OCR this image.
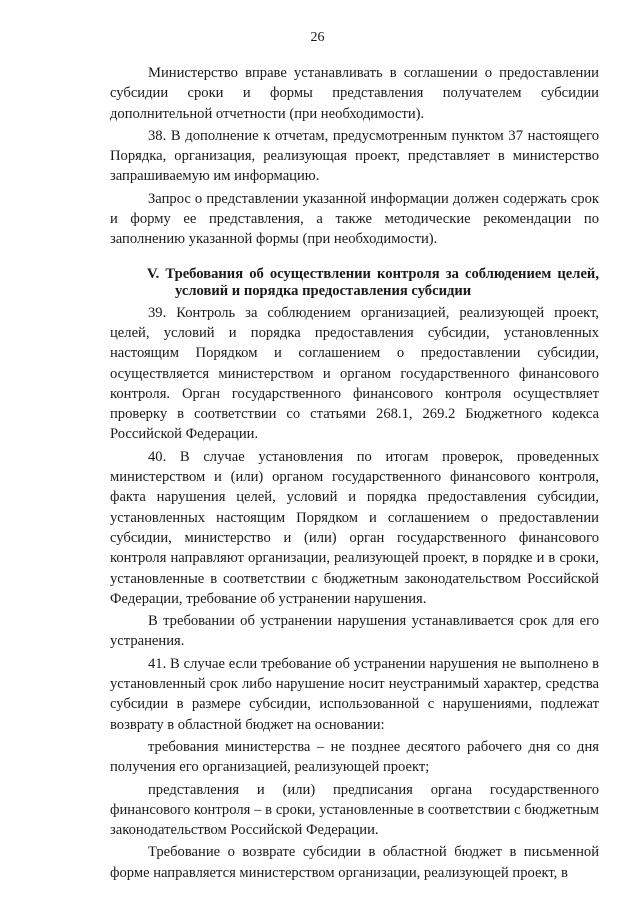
26

Министерство вправе устанавливать в соглашении о предоставлении субсидии сроки и формы представления получателем субсидии дополнительной отчетности (при необходимости).

38. В дополнение к отчетам, предусмотренным пунктом 37 настоящего Порядка, организация, реализующая проект, представляет в министерство запрашиваемую им информацию.

Запрос о представлении указанной информации должен содержать срок и форму ее представления, а также методические рекомендации по заполнению указанной формы (при необходимости).

V. Требования об осуществлении контроля за соблюдением целей, условий и порядка предоставления субсидии

39. Контроль за соблюдением организацией, реализующей проект, целей, условий и порядка предоставления субсидии, установленных настоящим Порядком и соглашением о предоставлении субсидии, осуществляется министерством и органом государственного финансового контроля. Орган государственного финансового контроля осуществляет проверку в соответствии со статьями 268.1, 269.2 Бюджетного кодекса Российской Федерации.

40. В случае установления по итогам проверок, проведенных министерством и (или) органом государственного финансового контроля, факта нарушения целей, условий и порядка предоставления субсидии, установленных настоящим Порядком и соглашением о предоставлении субсидии, министерство и (или) орган государственного финансового контроля направляют организации, реализующей проект, в порядке и в сроки, установленные в соответствии с бюджетным законодательством Российской Федерации, требование об устранении нарушения.

В требовании об устранении нарушения устанавливается срок для его устранения.

41. В случае если требование об устранении нарушения не выполнено в установленный срок либо нарушение носит неустранимый характер, средства субсидии в размере субсидии, использованной с нарушениями, подлежат возврату в областной бюджет на основании:

требования министерства – не позднее десятого рабочего дня со дня получения его организацией, реализующей проект;

представления и (или) предписания органа государственного финансового контроля – в сроки, установленные в соответствии с бюджетным законодательством Российской Федерации.

Требование о возврате субсидии в областной бюджет в письменной форме направляется министерством организации, реализующей проект, в
